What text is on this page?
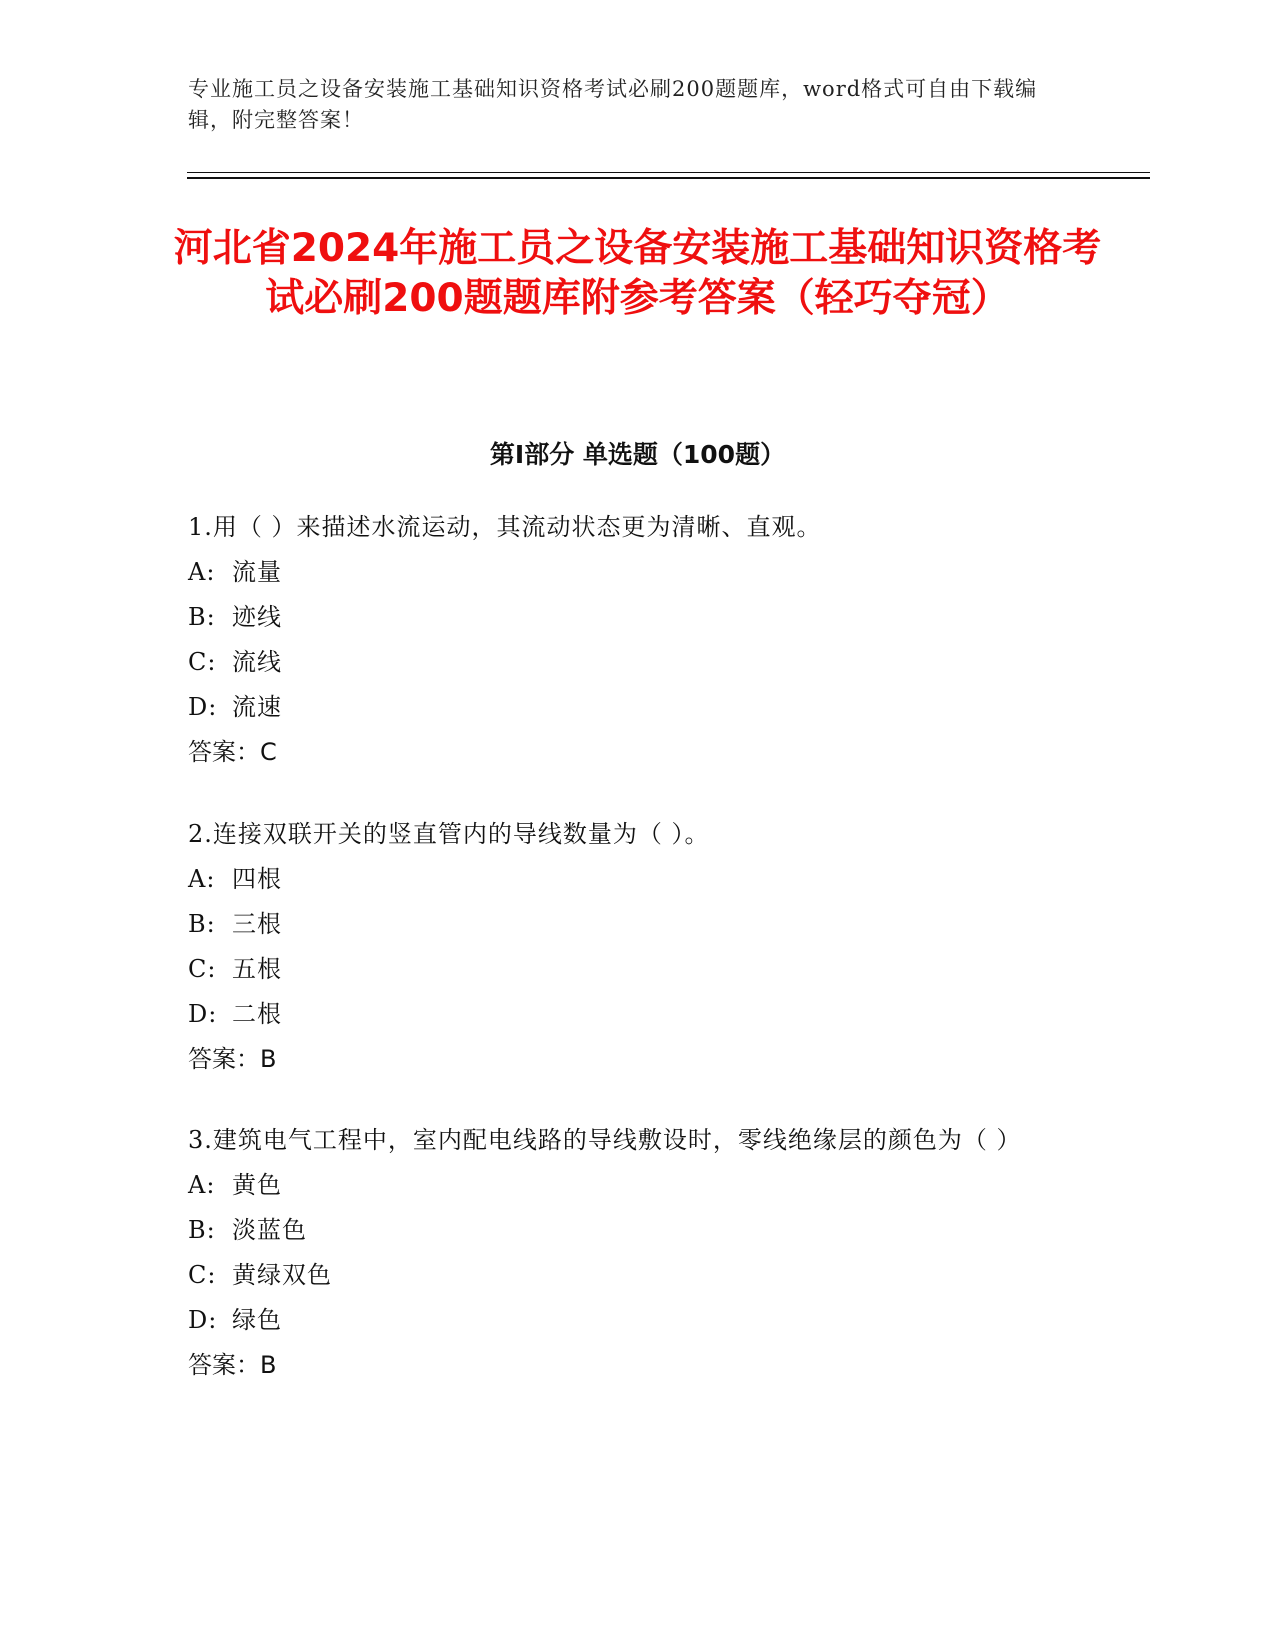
专业施工员之设备安装施工基础知识资格考试必刷200题题库，word格式可自由下载编辑，附完整答案！
河北省2024年施工员之设备安装施工基础知识资格考试必刷200题题库附参考答案（轻巧夺冠）
第Ⅰ部分 单选题（100题）

1.用（ ）来描述水流运动，其流动状态更为清晰、直观。

A: 流量
B: 迹线
C: 流线
D: 流速
答案：C

2.连接双联开关的竖直管内的导线数量为（ ）。

A: 四根
B: 三根
C: 五根
D: 二根
答案：B

3.建筑电气工程中，室内配电线路的导线敷设时，零线绝缘层的颜色为（ ）

A: 黄色
B: 淡蓝色
C: 黄绿双色
D: 绿色
答案：B
